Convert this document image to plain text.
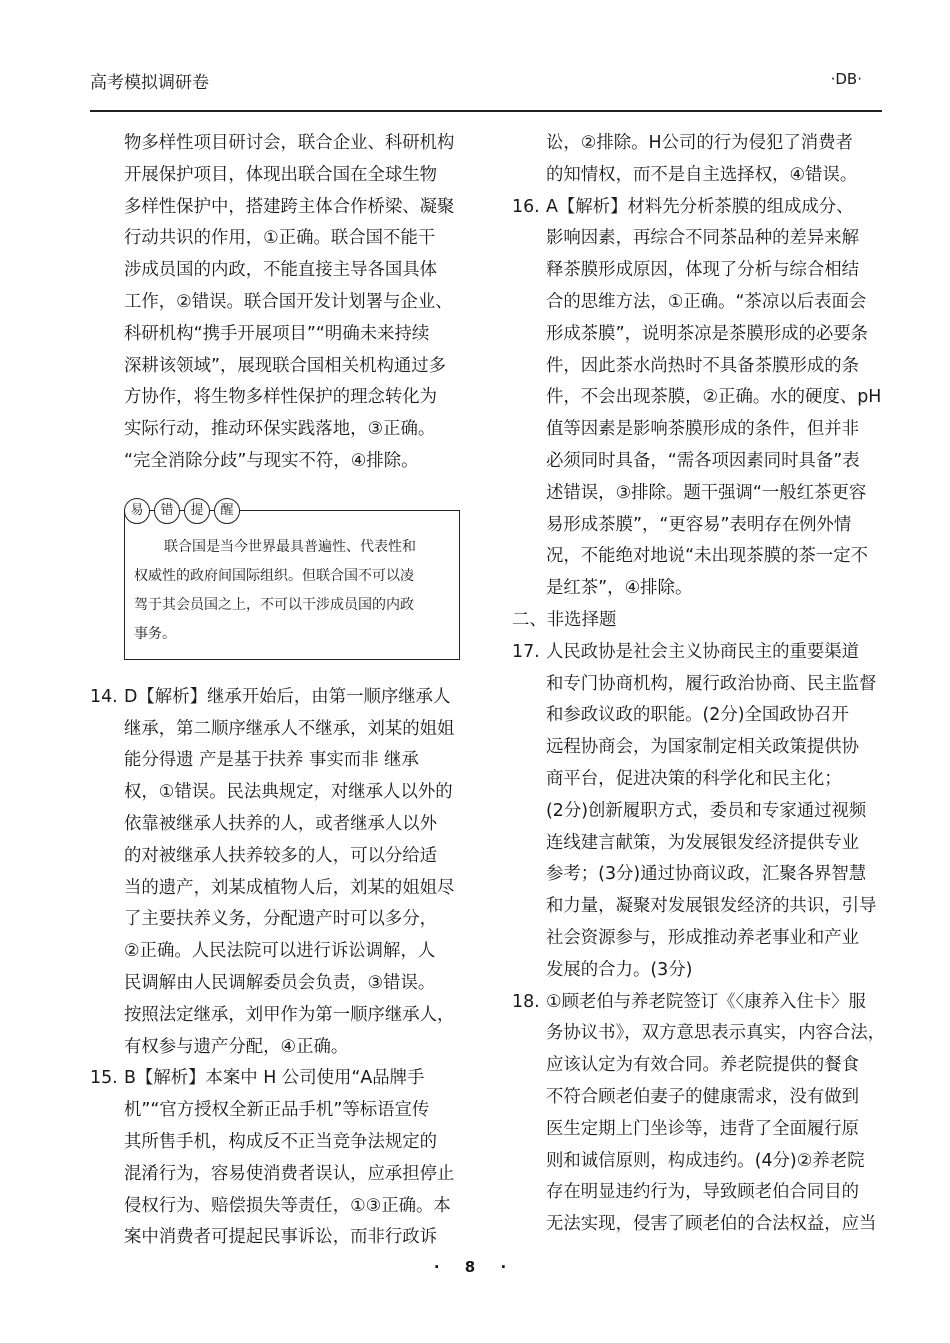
高考模拟调研卷	·DB·
物多样性项目研讨会，联合企业、科研机构
开展保护项目，体现出联合国在全球生物
多样性保护中，搭建跨主体合作桥梁、凝聚
行动共识的作用，①正确。联合国不能干
涉成员国的内政，不能直接主导各国具体
工作，②错误。联合国开发计划署与企业、
科研机构“携手开展项目”“明确未来持续
深耕该领域”，展现联合国相关机构通过多
方协作，将生物多样性保护的理念转化为
实际行动，推动环保实践落地，③正确。
“完全消除分歧”与现实不符，④排除。
14. D【解析】继承开始后，由第一顺序继承人
继承，第二顺序继承人不继承，刘某的姐姐
能分得遗 产是基于扶养 事实而非 继承
权，①错误。民法典规定，对继承人以外的
依靠被继承人扶养的人，或者继承人以外
的对被继承人扶养较多的人，可以分给适
当的遗产，刘某成植物人后，刘某的姐姐尽
了主要扶养义务，分配遗产时可以多分，
②正确。人民法院可以进行诉讼调解，人
民调解由人民调解委员会负责，③错误。
按照法定继承，刘甲作为第一顺序继承人，
有权参与遗产分配，④正确。
15. B【解析】本案中 H 公司使用“A品牌手
机”“官方授权全新正品手机”等标语宣传
其所售手机，构成反不正当竞争法规定的
混淆行为，容易使消费者误认，应承担停止
侵权行为、赔偿损失等责任，①③正确。本
案中消费者可提起民事诉讼，而非行政诉
易	错	提	醒
联合国是当今世界最具普遍性、代表性和
权威性的政府间国际组织。但联合国不可以凌
驾于其会员国之上，不可以干涉成员国的内政
事务。
讼，②排除。H公司的行为侵犯了消费者
的知情权，而不是自主选择权，④错误。
16. A【解析】材料先分析茶膜的组成成分、
影响因素，再综合不同茶品种的差异来解
释茶膜形成原因，体现了分析与综合相结
合的思维方法，①正确。“茶凉以后表面会
形成茶膜”，说明茶凉是茶膜形成的必要条
件，因此茶水尚热时不具备茶膜形成的条
件，不会出现茶膜，②正确。水的硬度、pH
值等因素是影响茶膜形成的条件，但并非
必须同时具备，“需各项因素同时具备”表
述错误，③排除。题干强调“一般红茶更容
易形成茶膜”，“更容易”表明存在例外情
况，不能绝对地说“未出现茶膜的茶一定不
是红茶”，④排除。
二、非选择题
17. 人民政协是社会主义协商民主的重要渠道
和专门协商机构，履行政治协商、民主监督
和参政议政的职能。(2分)全国政协召开
远程协商会，为国家制定相关政策提供协
商平台，促进决策的科学化和民主化；
(2分)创新履职方式，委员和专家通过视频
连线建言献策，为发展银发经济提供专业
参考；(3分)通过协商议政，汇聚各界智慧
和力量，凝聚对发展银发经济的共识，引导
社会资源参与，形成推动养老事业和产业
发展的合力。(3分)
18. ①顾老伯与养老院签订《〈康养入住卡〉服
务协议书》，双方意思表示真实，内容合法，
应该认定为有效合同。养老院提供的餐食
不符合顾老伯妻子的健康需求，没有做到
医生定期上门坐诊等，违背了全面履行原
则和诚信原则，构成违约。(4分)②养老院
存在明显违约行为，导致顾老伯合同目的
无法实现，侵害了顾老伯的合法权益，应当
· 8 ·
